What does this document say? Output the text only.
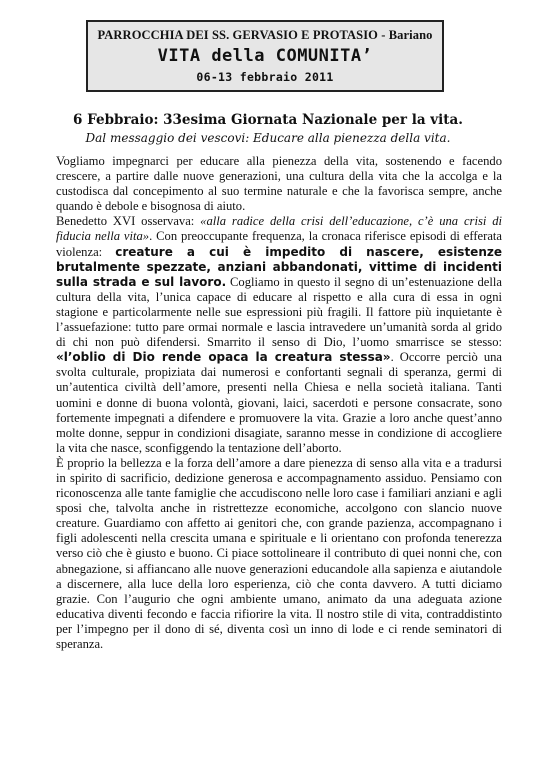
PARROCCHIA DEI SS. GERVASIO E PROTASIO - Bariano
VITA della COMUNITA’
06-13 febbraio 2011
6 Febbraio: 33esima Giornata Nazionale per la vita.
Dal messaggio dei vescovi: Educare alla pienezza della vita.

Vogliamo impegnarci per educare alla pienezza della vita, sostenendo e facendo crescere, a partire dalle nuove generazioni, una cultura della vita che la accolga e la custodisca dal concepimento al suo termine naturale e che la favorisca sempre, anche quando è debole e bisognosa di aiuto.

Benedetto XVI osservava: «alla radice della crisi dell’educazione, c’è una crisi di fiducia nella vita». Con preoccupante frequenza, la cronaca riferisce episodi di efferata violenza: creature a cui è impedito di nascere, esistenze brutalmente spezzate, anziani abbandonati, vittime di incidenti sulla strada e sul lavoro. Cogliamo in questo il segno di un’estenuazione della cultura della vita, l’unica capace di educare al rispetto e alla cura di essa in ogni stagione e particolarmente nelle sue espressioni più fragili. Il fattore più inquietante è l’assuefazione: tutto pare ormai normale e lascia intravedere un’umanità sorda al grido di chi non può difendersi. Smarrito il senso di Dio, l’uomo smarrisce se stesso: «l’oblio di Dio rende opaca la creatura stessa». Occorre perciò una svolta culturale, propiziata dai numerosi e confortanti segnali di speranza, germi di un’autentica civiltà dell’amore, presenti nella Chiesa e nella società italiana. Tanti uomini e donne di buona volontà, giovani, laici, sacerdoti e persone consacrate, sono fortemente impegnati a difendere e promuovere la vita. Grazie a loro anche quest’anno molte donne, seppur in condizioni disagiate, saranno messe in condizione di accogliere la vita che nasce, sconfiggendo la tentazione dell’aborto.

È proprio la bellezza e la forza dell’amore a dare pienezza di senso alla vita e a tradursi in spirito di sacrificio, dedizione generosa e accompagnamento assiduo. Pensiamo con riconoscenza alle tante famiglie che accudiscono nelle loro case i familiari anziani e agli sposi che, talvolta anche in ristrettezze economiche, accolgono con slancio nuove creature. Guardiamo con affetto ai genitori che, con grande pazienza, accompagnano i figli adolescenti nella crescita umana e spirituale e li orientano con profonda tenerezza verso ciò che è giusto e buono. Ci piace sottolineare il contributo di quei nonni che, con abnegazione, si affiancano alle nuove generazioni educandole alla sapienza e aiutandole a discernere, alla luce della loro esperienza, ciò che conta davvero. A tutti diciamo grazie. Con l’augurio che ogni ambiente umano, animato da una adeguata azione educativa diventi fecondo e faccia rifiorire la vita. Il nostro stile di vita, contraddistinto per l’impegno per il dono di sé, diventa così un inno di lode e ci rende seminatori di speranza.
